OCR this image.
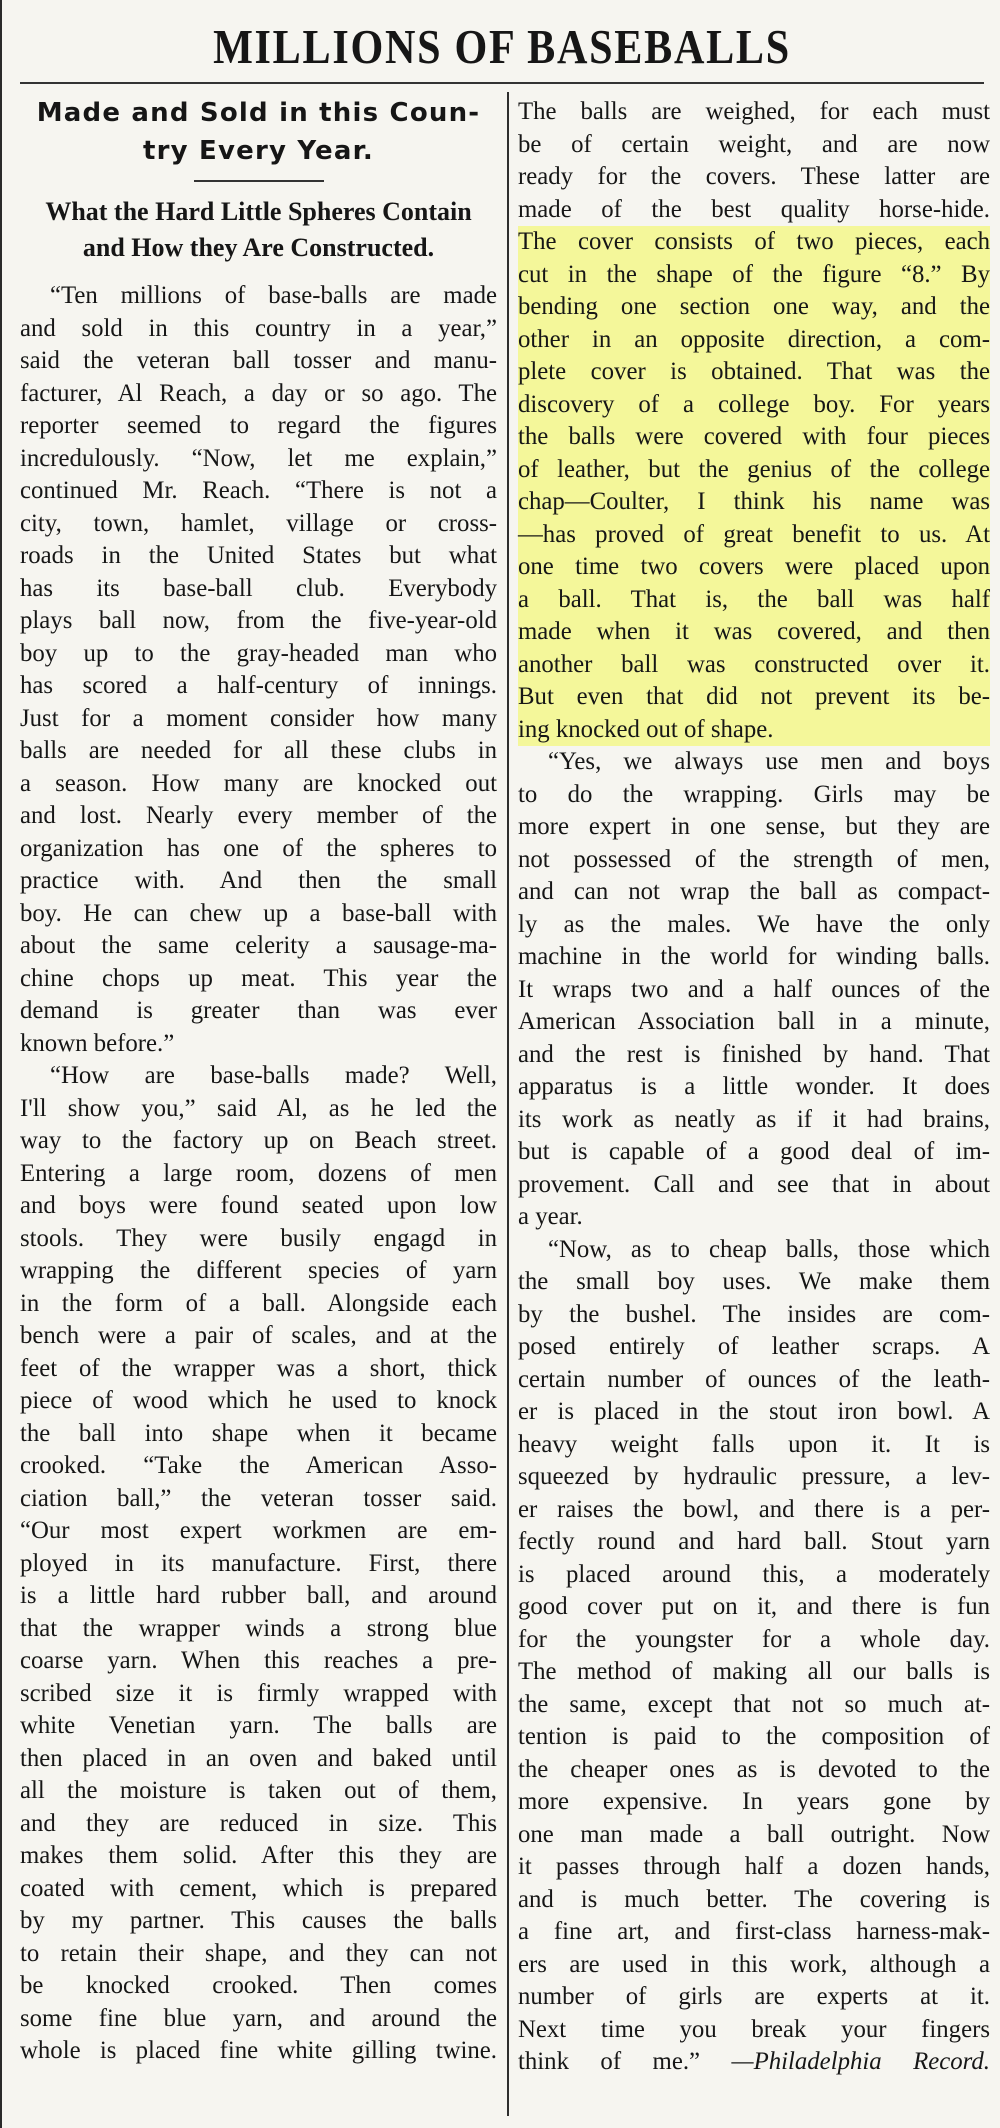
MILLIONS OF BASEBALLS
Made and Sold in this Coun-
try Every Year.
What the Hard Little Spheres Contain
and How they Are Constructed.
“Ten millions of base-balls are made
and sold in this country in a year,”
said the veteran ball tosser and manu-
facturer, Al Reach, a day or so ago. The
reporter seemed to regard the figures
incredulously. “Now, let me explain,”
continued Mr. Reach. “There is not a
city, town, hamlet, village or cross-
roads in the United States but what
has its base-ball club. Everybody
plays ball now, from the five-year-old
boy up to the gray-headed man who
has scored a half-century of innings.
Just for a moment consider how many
balls are needed for all these clubs in
a season. How many are knocked out
and lost. Nearly every member of the
organization has one of the spheres to
practice with. And then the small
boy. He can chew up a base-ball with
about the same celerity a sausage-ma-
chine chops up meat. This year the
demand is greater than was ever
known before.”
“How are base-balls made? Well,
I'll show you,” said Al, as he led the
way to the factory up on Beach street.
Entering a large room, dozens of men
and boys were found seated upon low
stools. They were busily engagd in
wrapping the different species of yarn
in the form of a ball. Alongside each
bench were a pair of scales, and at the
feet of the wrapper was a short, thick
piece of wood which he used to knock
the ball into shape when it became
crooked. “Take the American Asso-
ciation ball,” the veteran tosser said.
“Our most expert workmen are em-
ployed in its manufacture. First, there
is a little hard rubber ball, and around
that the wrapper winds a strong blue
coarse yarn. When this reaches a pre-
scribed size it is firmly wrapped with
white Venetian yarn. The balls are
then placed in an oven and baked until
all the moisture is taken out of them,
and they are reduced in size. This
makes them solid. After this they are
coated with cement, which is prepared
by my partner. This causes the balls
to retain their shape, and they can not
be knocked crooked. Then comes
some fine blue yarn, and around the
whole is placed fine white gilling twine.
The balls are weighed, for each must
be of certain weight, and are now
ready for the covers. These latter are
made of the best quality horse-hide.
The cover consists of two pieces, each
cut in the shape of the figure “8.” By
bending one section one way, and the
other in an opposite direction, a com-
plete cover is obtained. That was the
discovery of a college boy. For years
the balls were covered with four pieces
of leather, but the genius of the college
chap—Coulter, I think his name was
—has proved of great benefit to us. At
one time two covers were placed upon
a ball. That is, the ball was half
made when it was covered, and then
another ball was constructed over it.
But even that did not prevent its be-
ing knocked out of shape.
“Yes, we always use men and boys
to do the wrapping. Girls may be
more expert in one sense, but they are
not possessed of the strength of men,
and can not wrap the ball as compact-
ly as the males. We have the only
machine in the world for winding balls.
It wraps two and a half ounces of the
American Association ball in a minute,
and the rest is finished by hand. That
apparatus is a little wonder. It does
its work as neatly as if it had brains,
but is capable of a good deal of im-
provement. Call and see that in about
a year.
“Now, as to cheap balls, those which
the small boy uses. We make them
by the bushel. The insides are com-
posed entirely of leather scraps. A
certain number of ounces of the leath-
er is placed in the stout iron bowl. A
heavy weight falls upon it. It is
squeezed by hydraulic pressure, a lev-
er raises the bowl, and there is a per-
fectly round and hard ball. Stout yarn
is placed around this, a moderately
good cover put on it, and there is fun
for the youngster for a whole day.
The method of making all our balls is
the same, except that not so much at-
tention is paid to the composition of
the cheaper ones as is devoted to the
more expensive. In years gone by
one man made a ball outright. Now
it passes through half a dozen hands,
and is much better. The covering is
a fine art, and first-class harness-mak-
ers are used in this work, although a
number of girls are experts at it.
Next time you break your fingers
think of me.” —Philadelphia Record.
